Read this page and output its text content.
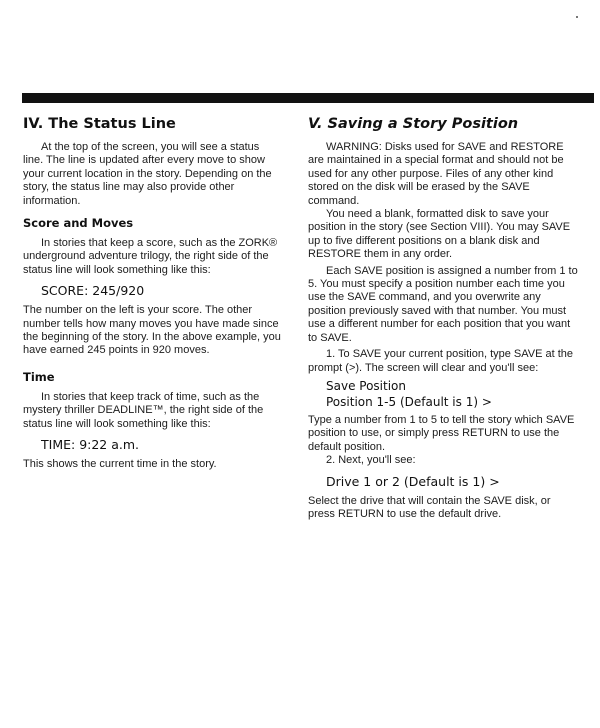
IV. The Status Line

At the top of the screen, you will see a status line. The line is updated after every move to show your current location in the story. Depending on the story, the status line may also provide other information.

Score and Moves

In stories that keep a score, such as the ZORK® underground adventure trilogy, the right side of the status line will look something like this:

SCORE: 245/920

The number on the left is your score. The other number tells how many moves you have made since the beginning of the story. In the above example, you have earned 245 points in 920 moves.

Time

In stories that keep track of time, such as the mystery thriller DEADLINE™, the right side of the status line will look something like this:

TIME: 9:22 a.m.

This shows the current time in the story.

V. Saving a Story Position

WARNING: Disks used for SAVE and RESTORE are maintained in a special format and should not be used for any other purpose. Files of any other kind stored on the disk will be erased by the SAVE command.

You need a blank, formatted disk to save your position in the story (see Section VIII). You may SAVE up to five different positions on a blank disk and RESTORE them in any order.

Each SAVE position is assigned a number from 1 to 5. You must specify a position number each time you use the SAVE command, and you overwrite any position previously saved with that number. You must use a different number for each position that you want to SAVE.

1. To SAVE your current position, type SAVE at the prompt (>). The screen will clear and you'll see:

Save Position
Position 1-5 (Default is 1) >

Type a number from 1 to 5 to tell the story which SAVE position to use, or simply press RETURN to use the default position.

2. Next, you'll see:

Drive 1 or 2 (Default is 1) >

Select the drive that will contain the SAVE disk, or press RETURN to use the default drive.
